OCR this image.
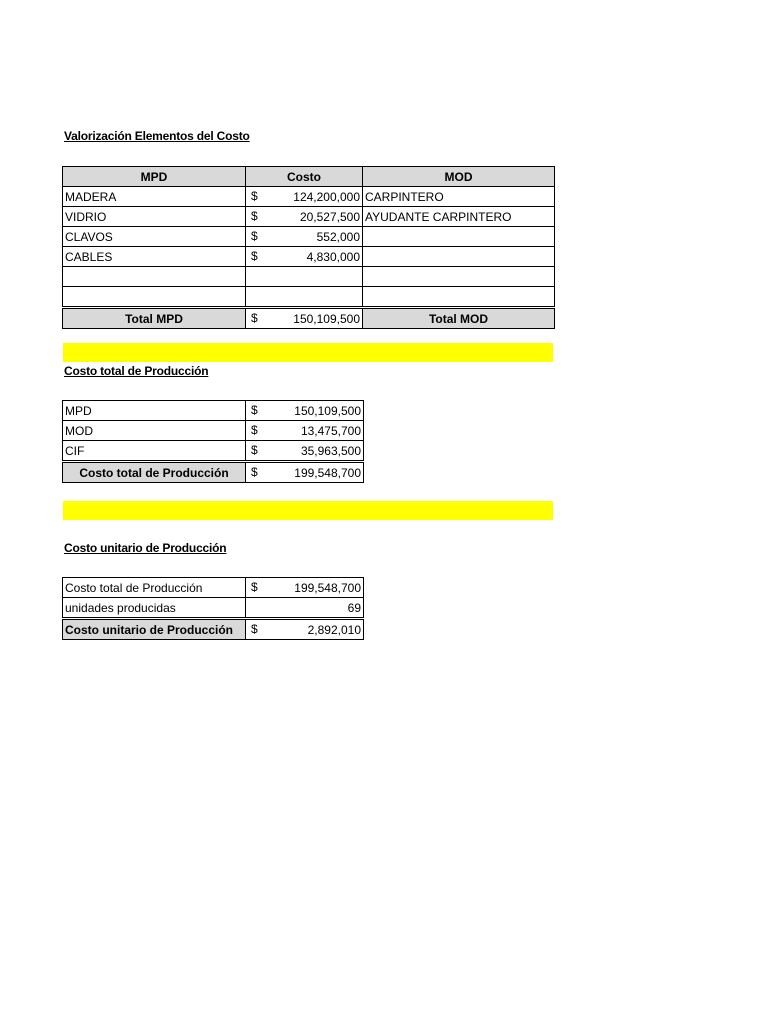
Valorización Elementos del Costo
MPD	Costo	MOD
MADERA	$ 124,200,000	CARPINTERO
VIDRIO	$ 20,527,500	AYUDANTE CARPINTERO
CLAVOS	$ 552,000	

CABLES	$ 4,830,000	

Total MPD	$ 150,109,500	Total MOD
Costo total de Producción
MPD	$ 150,109,500

MOD	$ 13,475,700

CIF	$ 35,963,500

Costo total de Producción	$ 199,548,700
Costo unitario de Producción
Costo total de Producción	$ 199,548,700

unidades producidas	69
Costo unitario de Producción	$ 2,892,010
